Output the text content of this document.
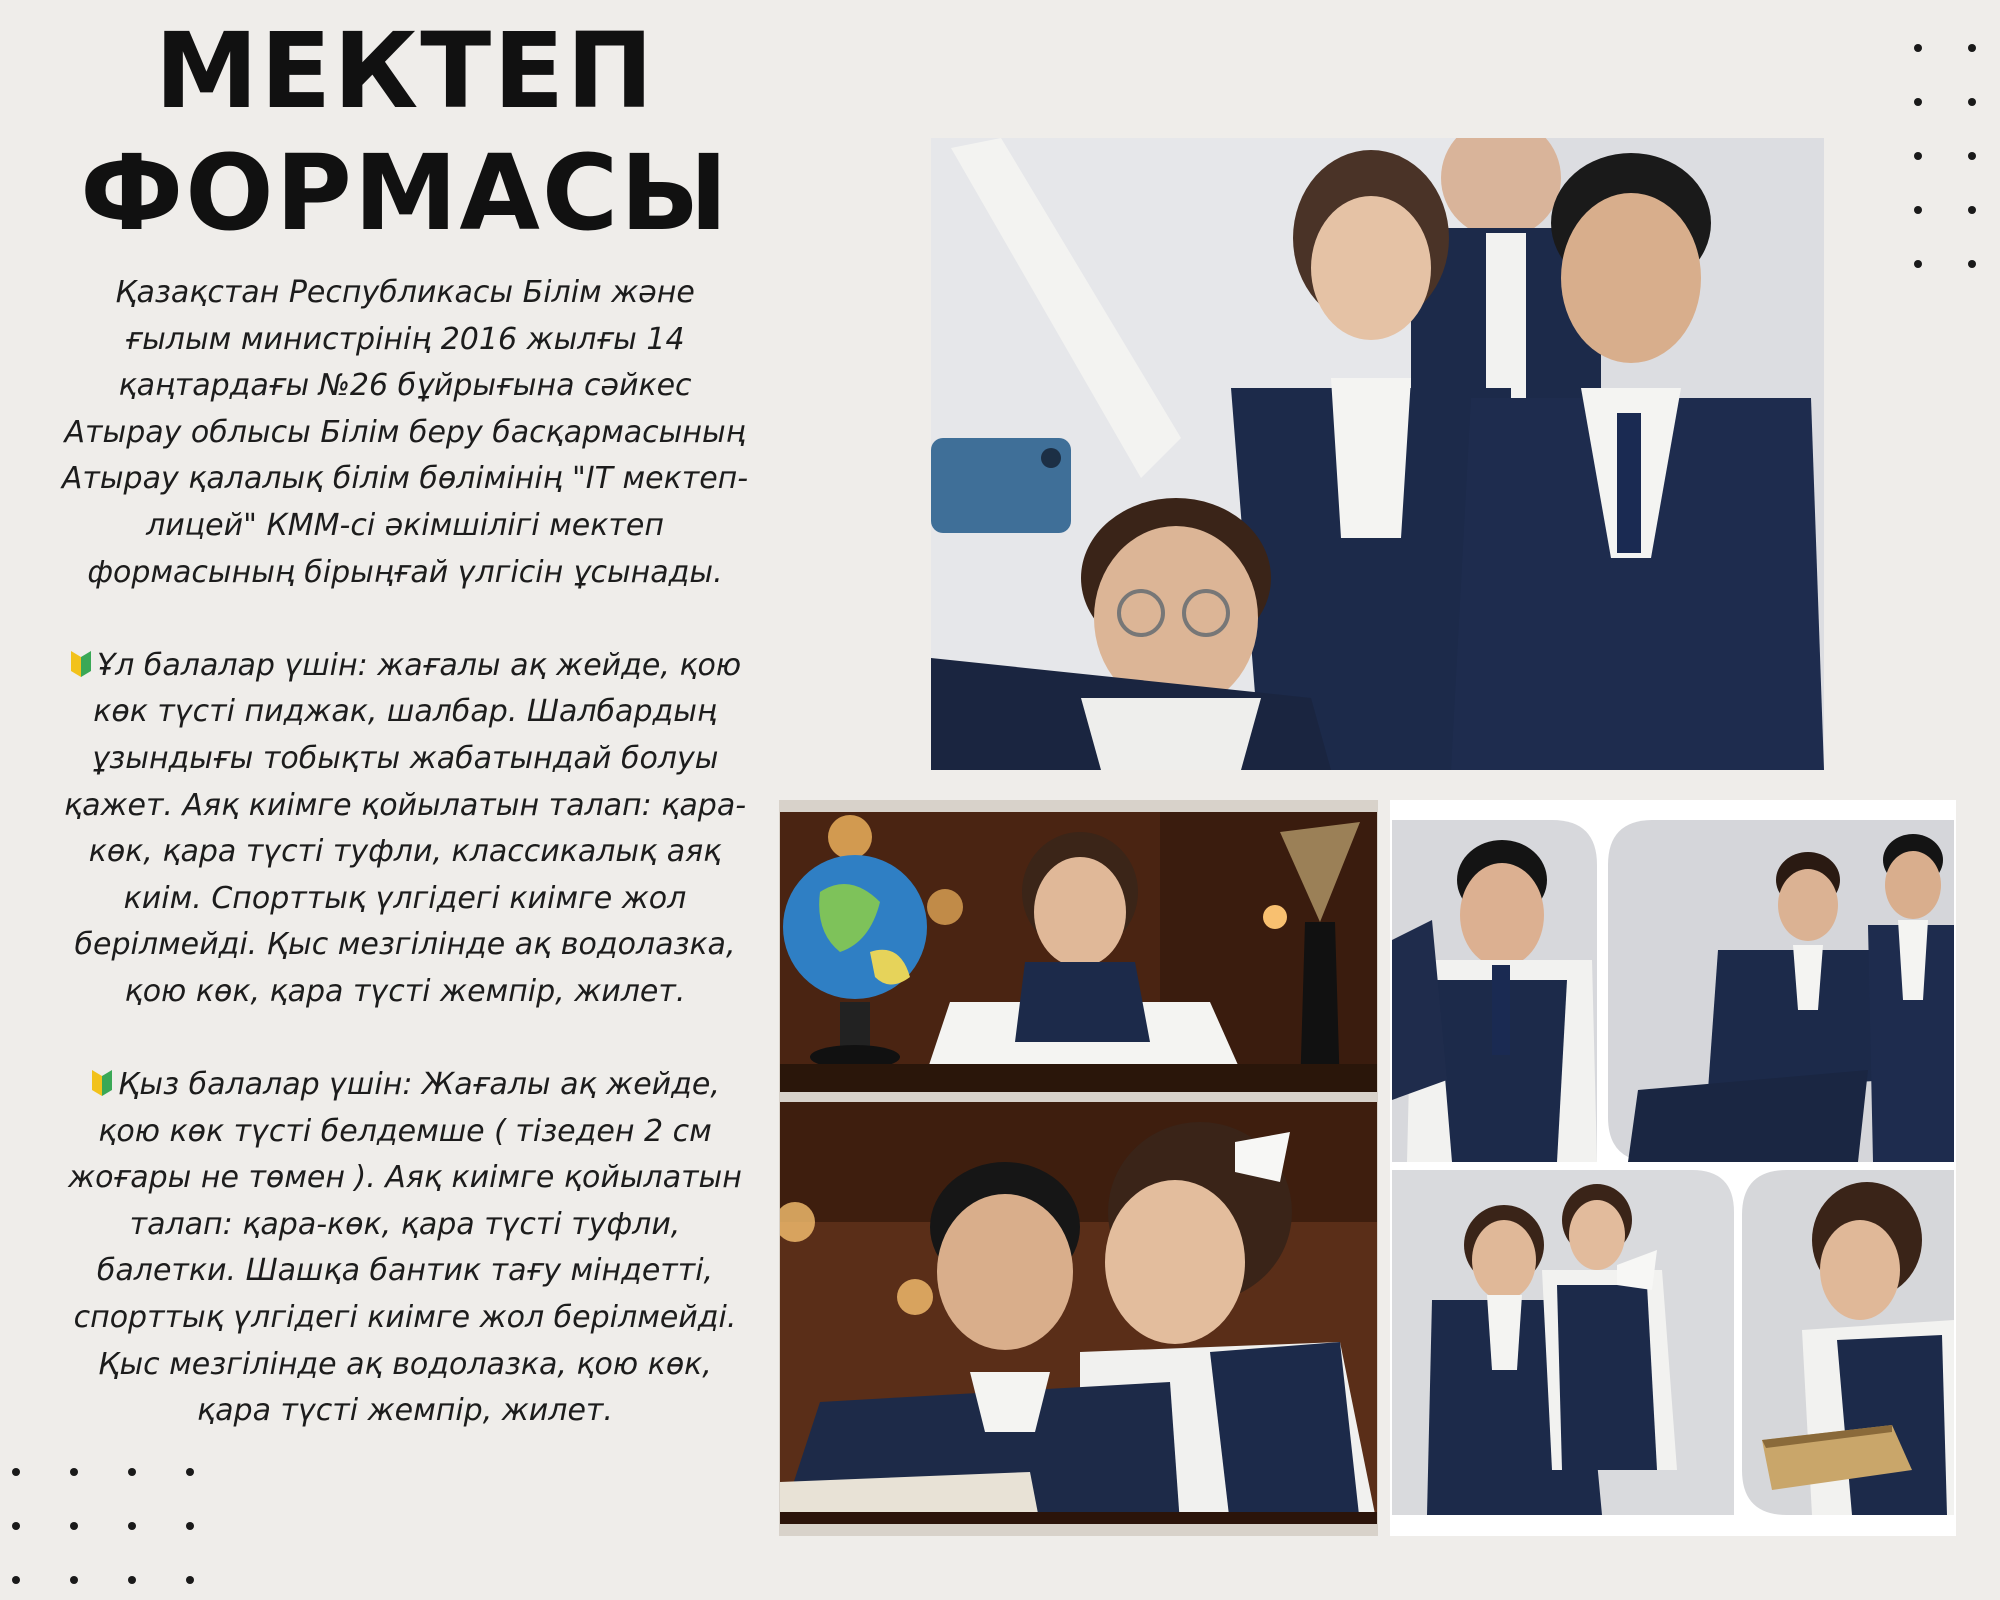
МЕКТЕП
ФОРМАСЫ

Қазақстан Республикасы Білім және ғылым министрінің 2016 жылғы 14 қаңтардағы №26 бұйрығына сәйкес Атырау облысы Білім беру басқармасының Атырау қалалық білім бөлімінің "IT мектеп-лицей" КММ-сі әкімшілігі мектеп формасының бірыңғай үлгісін ұсынады.

Ұл балалар үшін: жағалы ақ жейде, қою көк түсті пиджак, шалбар. Шалбардың ұзындығы тобықты жабатындай болуы қажет. Аяқ киімге қойылатын талап: қара-көк, қара түсті туфли, классикалық аяқ киім. Спорттық үлгідегі киімге жол берілмейді. Қыс мезгілінде ақ водолазка, қою көк, қара түсті жемпір, жилет.

Қыз балалар үшін: Жағалы ақ жейде, қою көк түсті белдемше ( тізеден 2 см жоғары не төмен ). Аяқ киімге қойылатын талап: қара-көк, қара түсті туфли, балетки. Шашқа бантик тағу міндетті, спорттық үлгідегі киімге жол берілмейді. Қыс мезгілінде ақ водолазка, қою көк, қара түсті жемпір, жилет.
